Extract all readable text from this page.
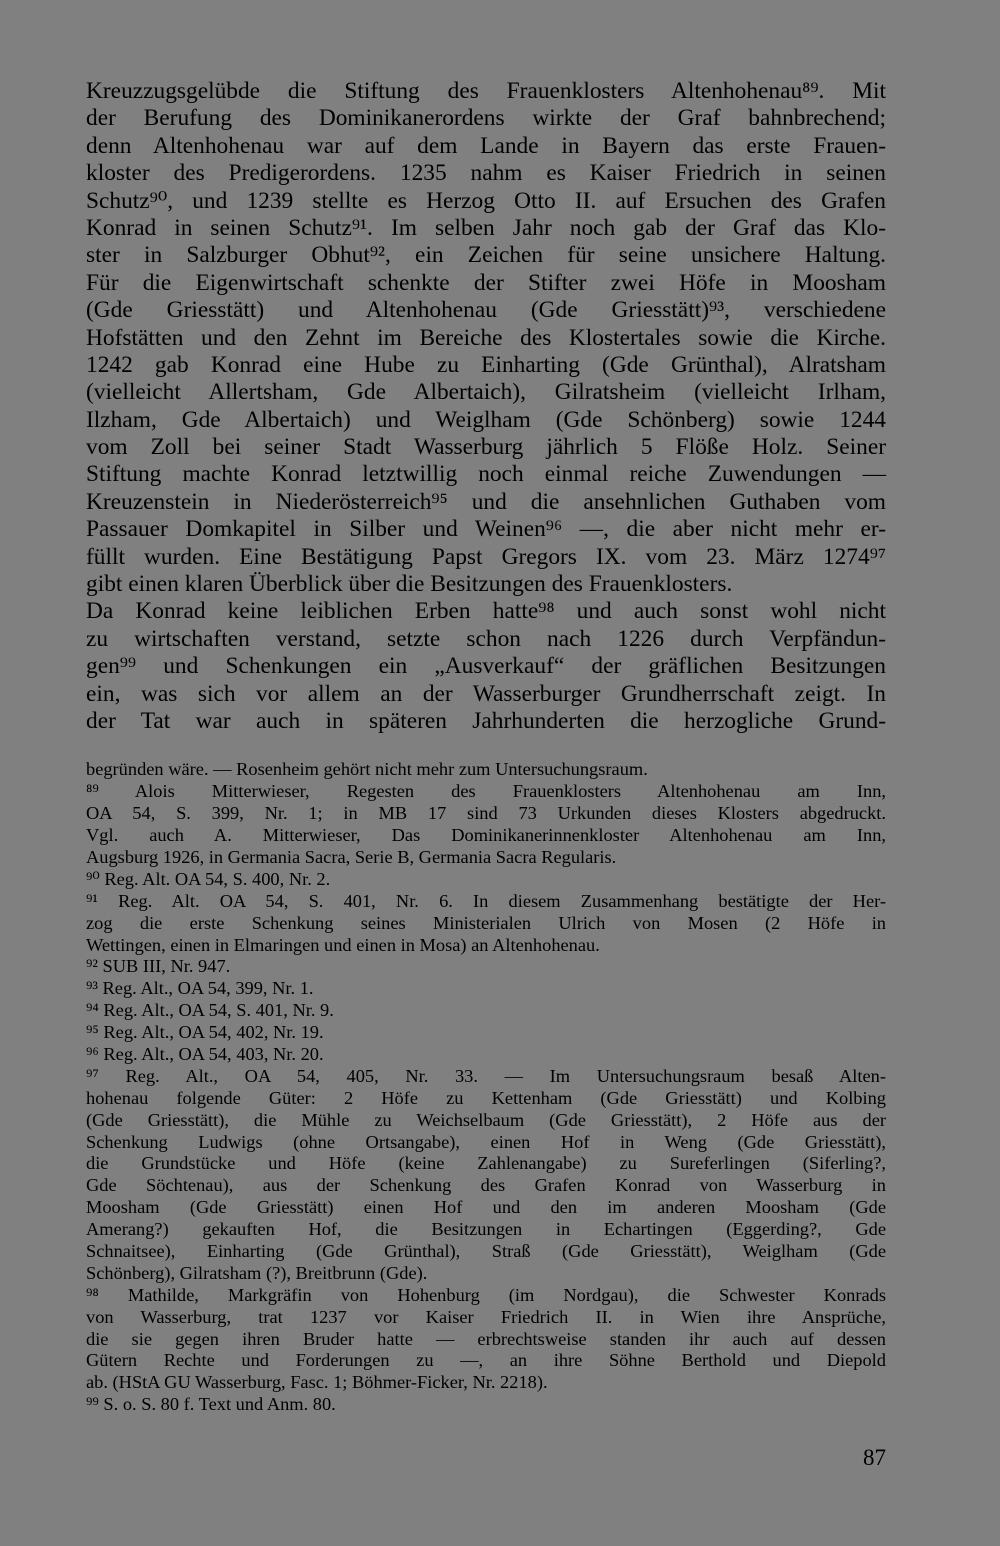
Kreuzzugsgelübde die Stiftung des Frauenklosters Altenhohenau⁸⁹. Mit
der Berufung des Dominikanerordens wirkte der Graf bahnbrechend;
denn Altenhohenau war auf dem Lande in Bayern das erste Frauen-
kloster des Predigerordens. 1235 nahm es Kaiser Friedrich in seinen
Schutz⁹⁰, und 1239 stellte es Herzog Otto II. auf Ersuchen des Grafen
Konrad in seinen Schutz⁹¹. Im selben Jahr noch gab der Graf das Klo-
ster in Salzburger Obhut⁹², ein Zeichen für seine unsichere Haltung.
Für die Eigenwirtschaft schenkte der Stifter zwei Höfe in Moosham
(Gde Griesstätt) und Altenhohenau (Gde Griesstätt)⁹³, verschiedene
Hofstätten und den Zehnt im Bereiche des Klostertales sowie die Kirche.
1242 gab Konrad eine Hube zu Einharting (Gde Grünthal), Alratsham
(vielleicht Allertsham, Gde Albertaich), Gilratsheim (vielleicht Irlham,
Ilzham, Gde Albertaich) und Weiglham (Gde Schönberg) sowie 1244
vom Zoll bei seiner Stadt Wasserburg jährlich 5 Flöße Holz. Seiner
Stiftung machte Konrad letztwillig noch einmal reiche Zuwendungen —
Kreuzenstein in Niederösterreich⁹⁵ und die ansehnlichen Guthaben vom
Passauer Domkapitel in Silber und Weinen⁹⁶ —, die aber nicht mehr er-
füllt wurden. Eine Bestätigung Papst Gregors IX. vom 23. März 1274⁹⁷
gibt einen klaren Überblick über die Besitzungen des Frauenklosters.
Da Konrad keine leiblichen Erben hatte⁹⁸ und auch sonst wohl nicht
zu wirtschaften verstand, setzte schon nach 1226 durch Verpfändun-
gen⁹⁹ und Schenkungen ein „Ausverkauf“ der gräflichen Besitzungen
ein, was sich vor allem an der Wasserburger Grundherrschaft zeigt. In
der Tat war auch in späteren Jahrhunderten die herzogliche Grund-
begründen wäre. — Rosenheim gehört nicht mehr zum Untersuchungsraum.
⁸⁹ Alois Mitterwieser, Regesten des Frauenklosters Altenhohenau am Inn,
OA 54, S. 399, Nr. 1; in MB 17 sind 73 Urkunden dieses Klosters abgedruckt.
Vgl. auch A. Mitterwieser, Das Dominikanerinnenkloster Altenhohenau am Inn,
Augsburg 1926, in Germania Sacra, Serie B, Germania Sacra Regularis.
⁹⁰ Reg. Alt. OA 54, S. 400, Nr. 2.
⁹¹ Reg. Alt. OA 54, S. 401, Nr. 6. In diesem Zusammenhang bestätigte der Her-
zog die erste Schenkung seines Ministerialen Ulrich von Mosen (2 Höfe in
Wettingen, einen in Elmaringen und einen in Mosa) an Altenhohenau.
⁹² SUB III, Nr. 947.
⁹³ Reg. Alt., OA 54, 399, Nr. 1.
⁹⁴ Reg. Alt., OA 54, S. 401, Nr. 9.
⁹⁵ Reg. Alt., OA 54, 402, Nr. 19.
⁹⁶ Reg. Alt., OA 54, 403, Nr. 20.
⁹⁷ Reg. Alt., OA 54, 405, Nr. 33. — Im Untersuchungsraum besaß Alten-
hohenau folgende Güter: 2 Höfe zu Kettenham (Gde Griesstätt) und Kolbing
(Gde Griesstätt), die Mühle zu Weichselbaum (Gde Griesstätt), 2 Höfe aus der
Schenkung Ludwigs (ohne Ortsangabe), einen Hof in Weng (Gde Griesstätt),
die Grundstücke und Höfe (keine Zahlenangabe) zu Sureferlingen (Siferling?,
Gde Söchtenau), aus der Schenkung des Grafen Konrad von Wasserburg in
Moosham (Gde Griesstätt) einen Hof und den im anderen Moosham (Gde
Amerang?) gekauften Hof, die Besitzungen in Echartingen (Eggerding?, Gde
Schnaitsee), Einharting (Gde Grünthal), Straß (Gde Griesstätt), Weiglham (Gde
Schönberg), Gilratsham (?), Breitbrunn (Gde).
⁹⁸ Mathilde, Markgräfin von Hohenburg (im Nordgau), die Schwester Konrads
von Wasserburg, trat 1237 vor Kaiser Friedrich II. in Wien ihre Ansprüche,
die sie gegen ihren Bruder hatte — erbrechtsweise standen ihr auch auf dessen
Gütern Rechte und Forderungen zu —, an ihre Söhne Berthold und Diepold
ab. (HStA GU Wasserburg, Fasc. 1; Böhmer-Ficker, Nr. 2218).
⁹⁹ S. o. S. 80 f. Text und Anm. 80.
87
